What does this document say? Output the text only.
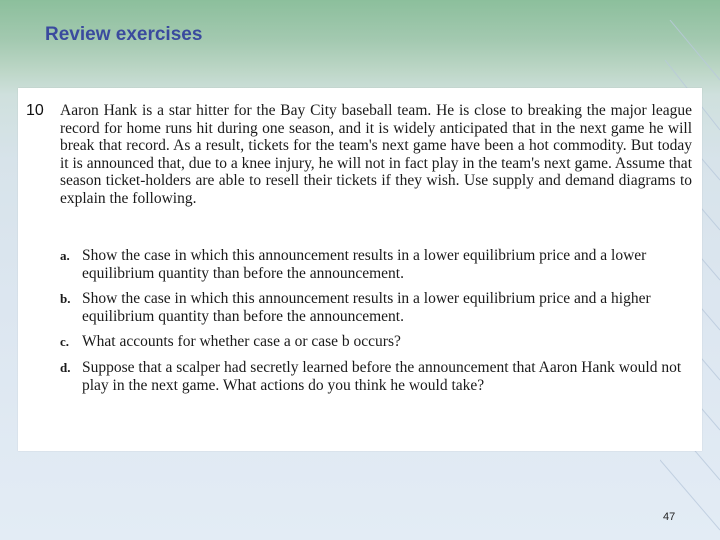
Review exercises
10 Aaron Hank is a star hitter for the Bay City baseball team. He is close to breaking the major league record for home runs hit during one season, and it is widely anticipated that in the next game he will break that record. As a result, tickets for the team's next game have been a hot commodity. But today it is announced that, due to a knee injury, he will not in fact play in the team's next game. Assume that season ticket-holders are able to resell their tickets if they wish. Use supply and demand diagrams to explain the following.

a. Show the case in which this announcement results in a lower equilibrium price and a lower equilibrium quantity than before the announcement.
b. Show the case in which this announcement results in a lower equilibrium price and a higher equilibrium quantity than before the announcement.
c. What accounts for whether case a or case b occurs?
d. Suppose that a scalper had secretly learned before the announcement that Aaron Hank would not play in the next game. What actions do you think he would take?
47
